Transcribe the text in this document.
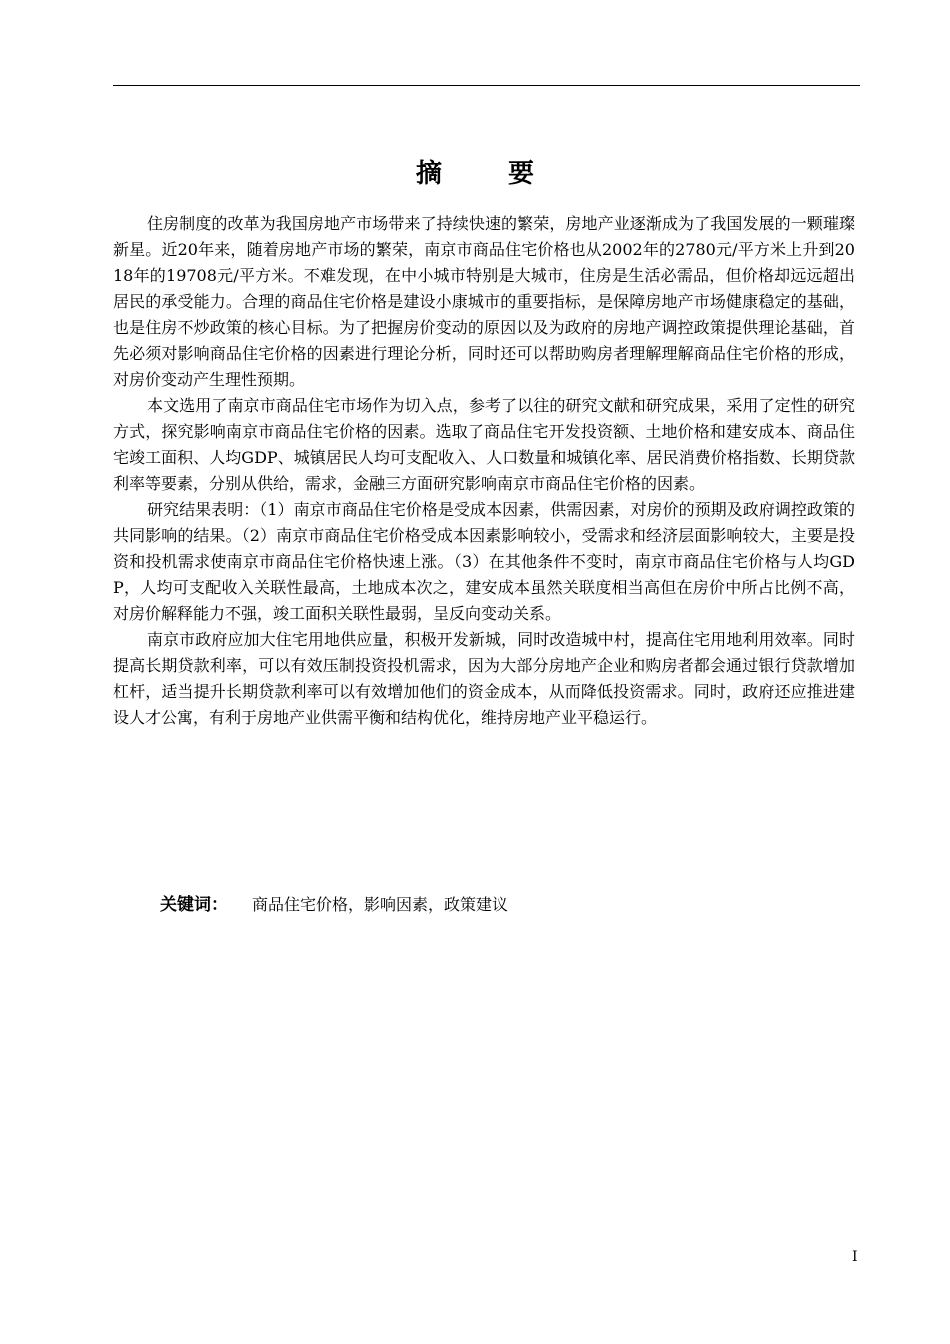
摘　要

住房制度的改革为我国房地产市场带来了持续快速的繁荣，房地产业逐渐成为了我国发展的一颗璀璨新星。近20年来，随着房地产市场的繁荣，南京市商品住宅价格也从2002年的2780元/平方米上升到2018年的19708元/平方米。不难发现，在中小城市特别是大城市，住房是生活必需品，但价格却远远超出居民的承受能力。合理的商品住宅价格是建设小康城市的重要指标，是保障房地产市场健康稳定的基础，也是住房不炒政策的核心目标。为了把握房价变动的原因以及为政府的房地产调控政策提供理论基础，首先必须对影响商品住宅价格的因素进行理论分析，同时还可以帮助购房者理解理解商品住宅价格的形成，对房价变动产生理性预期。

本文选用了南京市商品住宅市场作为切入点，参考了以往的研究文献和研究成果，采用了定性的研究方式，探究影响南京市商品住宅价格的因素。选取了商品住宅开发投资额、土地价格和建安成本、商品住宅竣工面积、人均GDP、城镇居民人均可支配收入、人口数量和城镇化率、居民消费价格指数、长期贷款利率等要素，分别从供给，需求，金融三方面研究影响南京市商品住宅价格的因素。

研究结果表明：（1）南京市商品住宅价格是受成本因素，供需因素，对房价的预期及政府调控政策的共同影响的结果。（2）南京市商品住宅价格受成本因素影响较小，受需求和经济层面影响较大，主要是投资和投机需求使南京市商品住宅价格快速上涨。（3）在其他条件不变时，南京市商品住宅价格与人均GDP，人均可支配收入关联性最高，土地成本次之，建安成本虽然关联度相当高但在房价中所占比例不高，对房价解释能力不强，竣工面积关联性最弱，呈反向变动关系。

南京市政府应加大住宅用地供应量，积极开发新城，同时改造城中村，提高住宅用地利用效率。同时提高长期贷款利率，可以有效压制投资投机需求，因为大部分房地产企业和购房者都会通过银行贷款增加杠杆，适当提升长期贷款利率可以有效增加他们的资金成本，从而降低投资需求。同时，政府还应推进建设人才公寓，有利于房地产业供需平衡和结构优化，维持房地产业平稳运行。

关键词： 商品住宅价格，影响因素，政策建议
I
